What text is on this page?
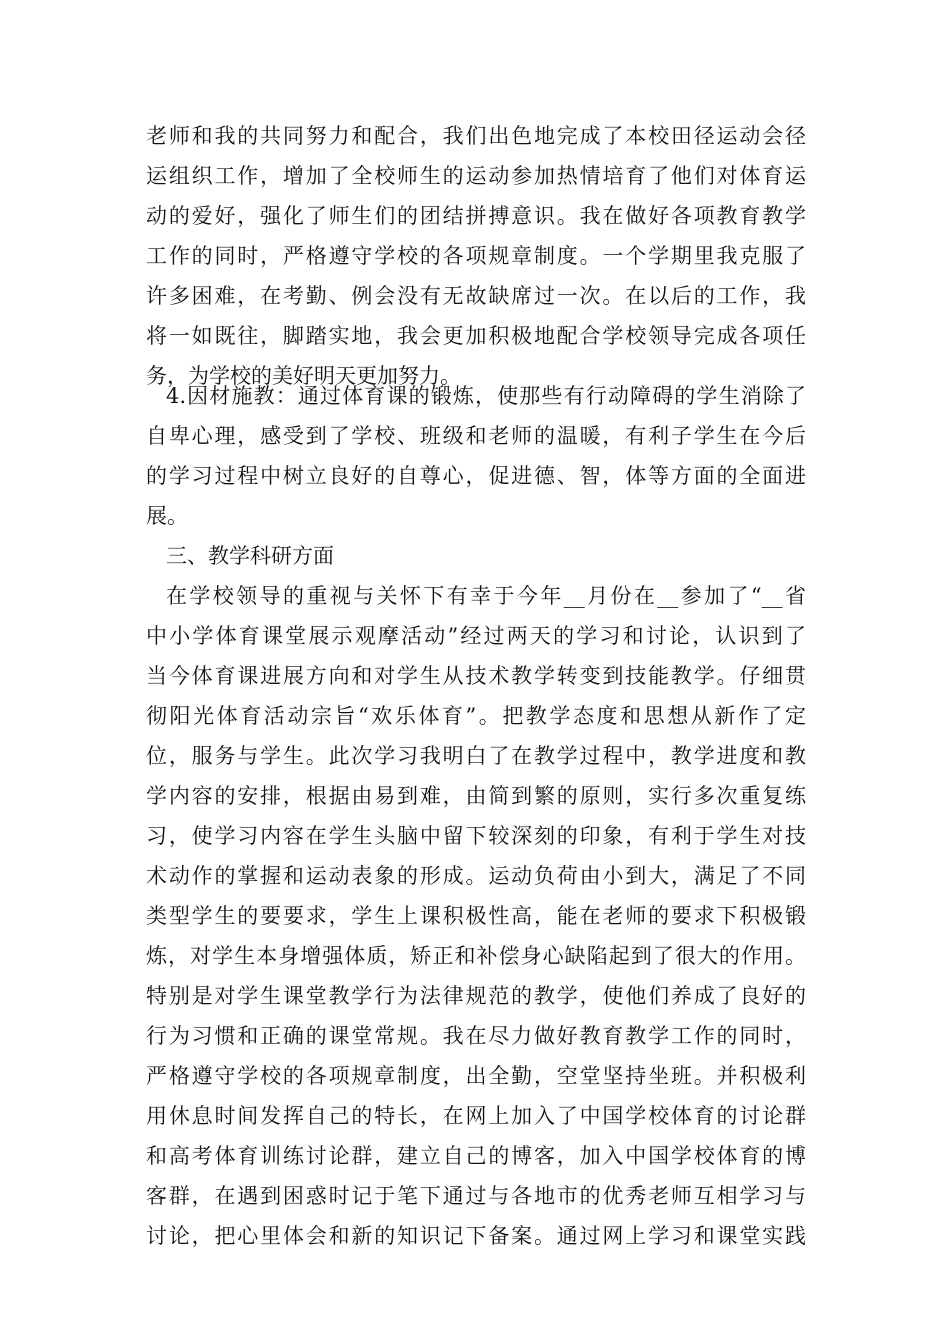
老师和我的共同努力和配合，我们出色地完成了本校田径运动会径
运组织工作，增加了全校师生的运动参加热情培育了他们对体育运
动的爱好，强化了师生们的团结拼搏意识。我在做好各项教育教学
工作的同时，严格遵守学校的各项规章制度。一个学期里我克服了
许多困难，在考勤、例会没有无故缺席过一次。在以后的工作，我
将一如既往，脚踏实地，我会更加积极地配合学校领导完成各项任
务，为学校的美好明天更加努力。
4.因材施教：通过体育课的锻炼，使那些有行动障碍的学生消除了
自卑心理，感受到了学校、班级和老师的温暖，有利子学生在今后
的学习过程中树立良好的自尊心，促进德、智，体等方面的全面进
展。
三、教学科研方面
在学校领导的重视与关怀下有幸于今年__月份在__参加了“__省
中小学体育课堂展示观摩活动”经过两天的学习和讨论，认识到了
当今体育课进展方向和对学生从技术教学转变到技能教学。仔细贯
彻阳光体育活动宗旨“欢乐体育”。把教学态度和思想从新作了定
位，服务与学生。此次学习我明白了在教学过程中，教学进度和教
学内容的安排，根据由易到难，由简到繁的原则，实行多次重复练
习，使学习内容在学生头脑中留下较深刻的印象，有利于学生对技
术动作的掌握和运动表象的形成。运动负荷由小到大，满足了不同
类型学生的要要求，学生上课积极性高，能在老师的要求下积极锻
炼，对学生本身增强体质，矫正和补偿身心缺陷起到了很大的作用。
特别是对学生课堂教学行为法律规范的教学，使他们养成了良好的
行为习惯和正确的课堂常规。我在尽力做好教育教学工作的同时，
严格遵守学校的各项规章制度，出全勤，空堂坚持坐班。并积极利
用休息时间发挥自己的特长，在网上加入了中国学校体育的讨论群
和高考体育训练讨论群，建立自己的博客，加入中国学校体育的博
客群，在遇到困惑时记于笔下通过与各地市的优秀老师互相学习与
讨论，把心里体会和新的知识记下备案。通过网上学习和课堂实践
